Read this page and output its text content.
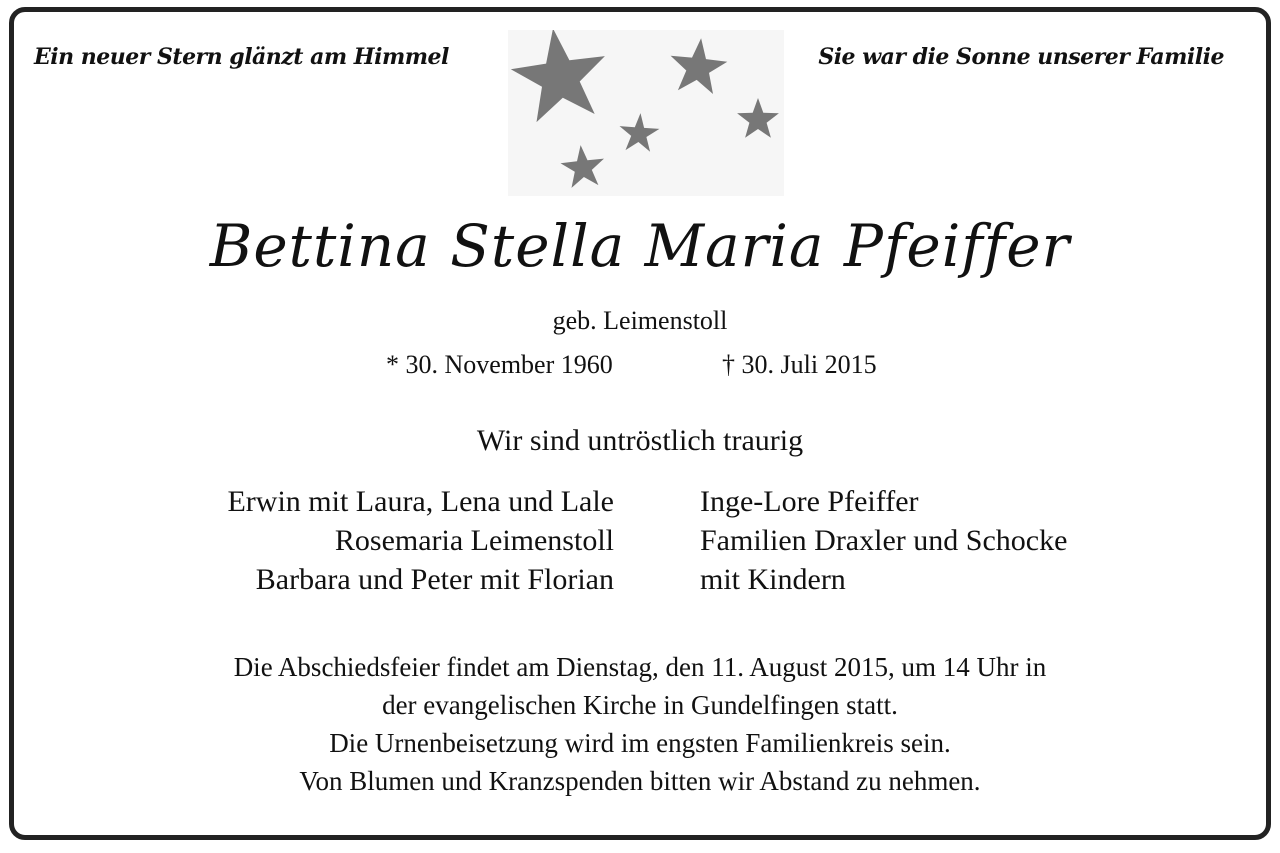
Ein neuer Stern glänzt am Himmel	Sie war die Sonne unserer Familie
Bettina Stella Maria Pfeiffer
geb. Leimenstoll
* 30. November 1960	† 30. Juli 2015
Wir sind untröstlich traurig
Erwin mit Laura, Lena und Lale
Rosemaria Leimenstoll
Barbara und Peter mit Florian
Inge-Lore Pfeiffer
Familien Draxler und Schocke
mit Kindern
Die Abschiedsfeier findet am Dienstag, den 11. August 2015, um 14 Uhr in
der evangelischen Kirche in Gundelfingen statt.
Die Urnenbeisetzung wird im engsten Familienkreis sein.
Von Blumen und Kranzspenden bitten wir Abstand zu nehmen.
